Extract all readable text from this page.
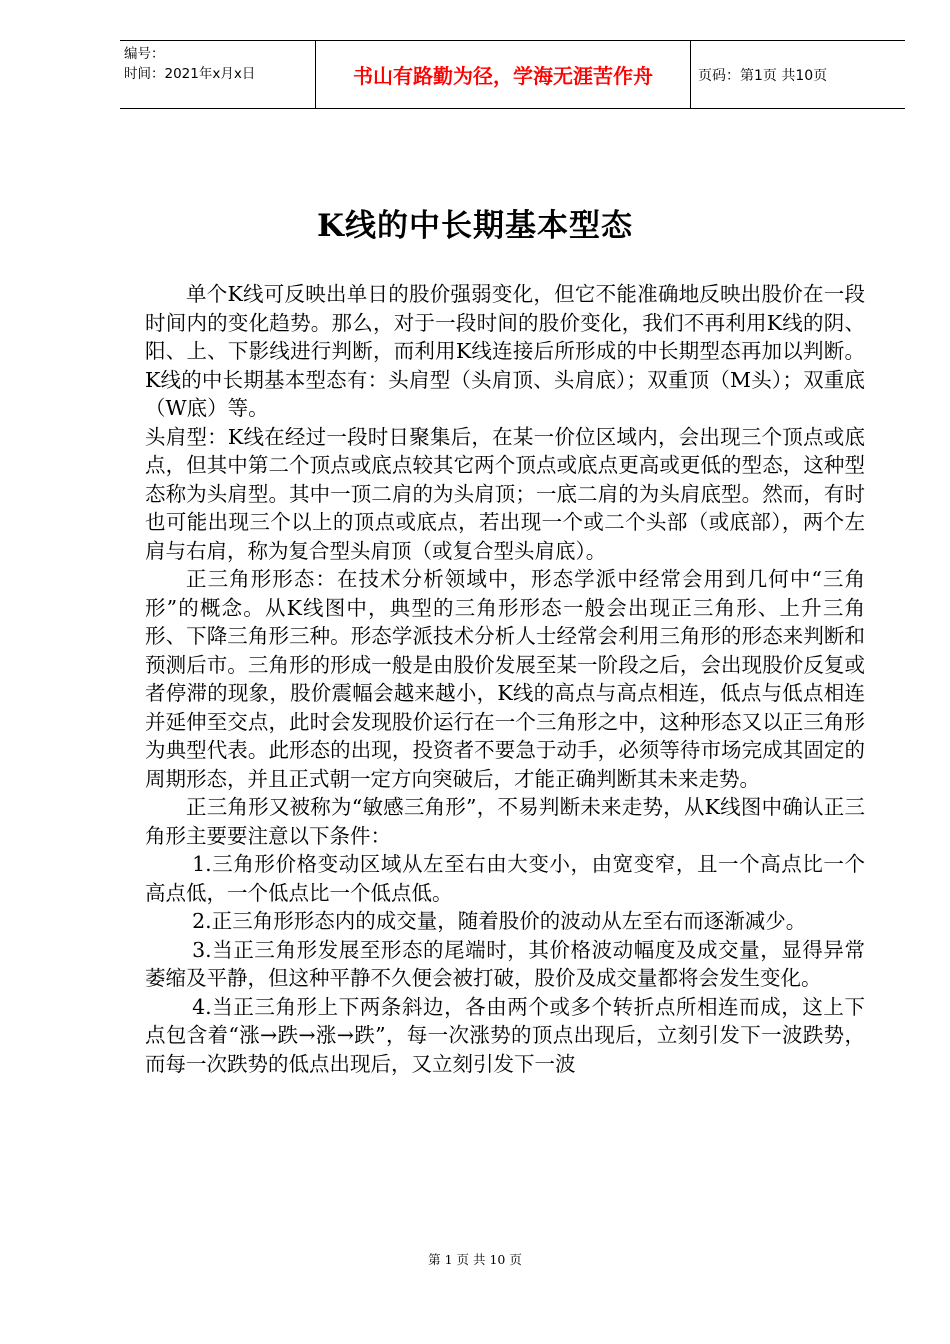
编号：
时间：2021年x月x日	书山有路勤为径，学海无涯苦作舟	页码：第1页 共10页
K线的中长期基本型态

单个K线可反映出单日的股价强弱变化，但它不能准确地反映出股价在一段时间内的变化趋势。那么，对于一段时间的股价变化，我们不再利用K线的阴、阳、上、下影线进行判断，而利用K线连接后所形成的中长期型态再加以判断。K线的中长期基本型态有：头肩型（头肩顶、头肩底）；双重顶（M头）；双重底（W底）等。

头肩型：K线在经过一段时日聚集后，在某一价位区域内，会出现三个顶点或底点，但其中第二个顶点或底点较其它两个顶点或底点更高或更低的型态，这种型态称为头肩型。其中一顶二肩的为头肩顶；一底二肩的为头肩底型。然而，有时也可能出现三个以上的顶点或底点，若出现一个或二个头部（或底部），两个左肩与右肩，称为复合型头肩顶（或复合型头肩底）。

正三角形形态：在技术分析领域中，形态学派中经常会用到几何中“三角形”的概念。从K线图中，典型的三角形形态一般会出现正三角形、上升三角形、下降三角形三种。形态学派技术分析人士经常会利用三角形的形态来判断和预测后市。三角形的形成一般是由股价发展至某一阶段之后，会出现股价反复或者停滞的现象，股价震幅会越来越小，K线的高点与高点相连，低点与低点相连并延伸至交点，此时会发现股价运行在一个三角形之中，这种形态又以正三角形为典型代表。此形态的出现，投资者不要急于动手，必须等待市场完成其固定的周期形态，并且正式朝一定方向突破后，才能正确判断其未来走势。

正三角形又被称为“敏感三角形”，不易判断未来走势，从K线图中确认正三角形主要要注意以下条件：

1.三角形价格变动区域从左至右由大变小，由宽变窄，且一个高点比一个高点低，一个低点比一个低点低。

2.正三角形形态内的成交量，随着股价的波动从左至右而逐渐减少。

3.当正三角形发展至形态的尾端时，其价格波动幅度及成交量，显得异常萎缩及平静，但这种平静不久便会被打破，股价及成交量都将会发生变化。

4.当正三角形上下两条斜边，各由两个或多个转折点所相连而成，这上下点包含着“涨→跌→涨→跌”，每一次涨势的顶点出现后，立刻引发下一波跌势，而每一次跌势的低点出现后，又立刻引发下一波

第 1 页 共 10 页
